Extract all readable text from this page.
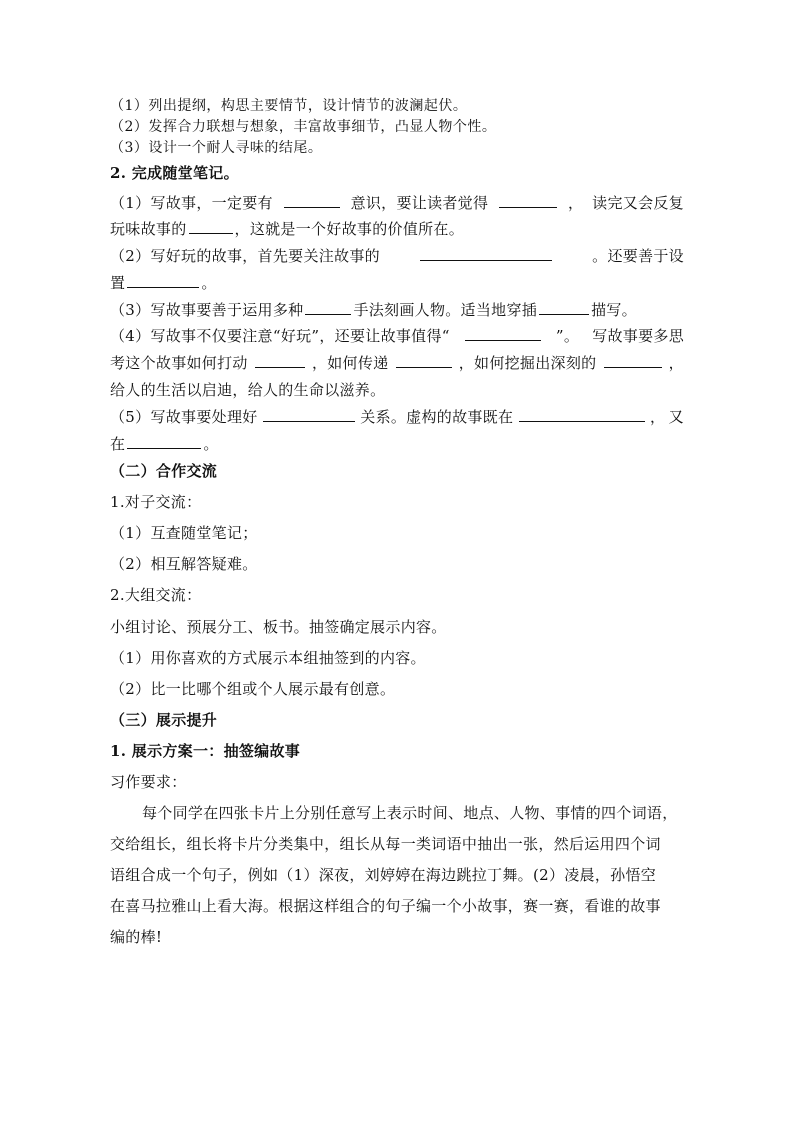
（1）列出提纲，构思主要情节，设计情节的波澜起伏。
（2）发挥合力联想与想象，丰富故事细节，凸显人物个性。
（3）设计一个耐人寻味的结尾。
2. 完成随堂笔记。
（1）写故事，一定要有	意识，要让读者觉得	， 读完又会反复
玩味故事的	，这就是一个好故事的价值所在。
（2）写好玩的故事，首先要关注故事的	。还要善于设
置	。
（3）写故事要善于运用多种	手法刻画人物。适当地穿插	描写。
（4）写故事不仅要注意“好玩”，还要让故事值得“	”。 写故事要多思
考这个故事如何打动	，如何传递	，如何挖掘出深刻的	，
给人的生活以启迪，给人的生命以滋养。
（5）写故事要处理好	关系。虚构的故事既在	， 又
在	。
（二）合作交流
1.对子交流：
（1）互查随堂笔记；
（2）相互解答疑难。
2.大组交流：
小组讨论、预展分工、板书。抽签确定展示内容。
（1）用你喜欢的方式展示本组抽签到的内容。
（2）比一比哪个组或个人展示最有创意。
（三）展示提升
1. 展示方案一：抽签编故事
习作要求：
每个同学在四张卡片上分别任意写上表示时间、地点、人物、事情的四个词语，
交给组长，组长将卡片分类集中，组长从每一类词语中抽出一张，然后运用四个词
语组合成一个句子，例如（1）深夜，刘婷婷在海边跳拉丁舞。(2）凌晨，孙悟空
在喜马拉雅山上看大海。根据这样组合的句子编一个小故事，赛一赛，看谁的故事
编的棒!
